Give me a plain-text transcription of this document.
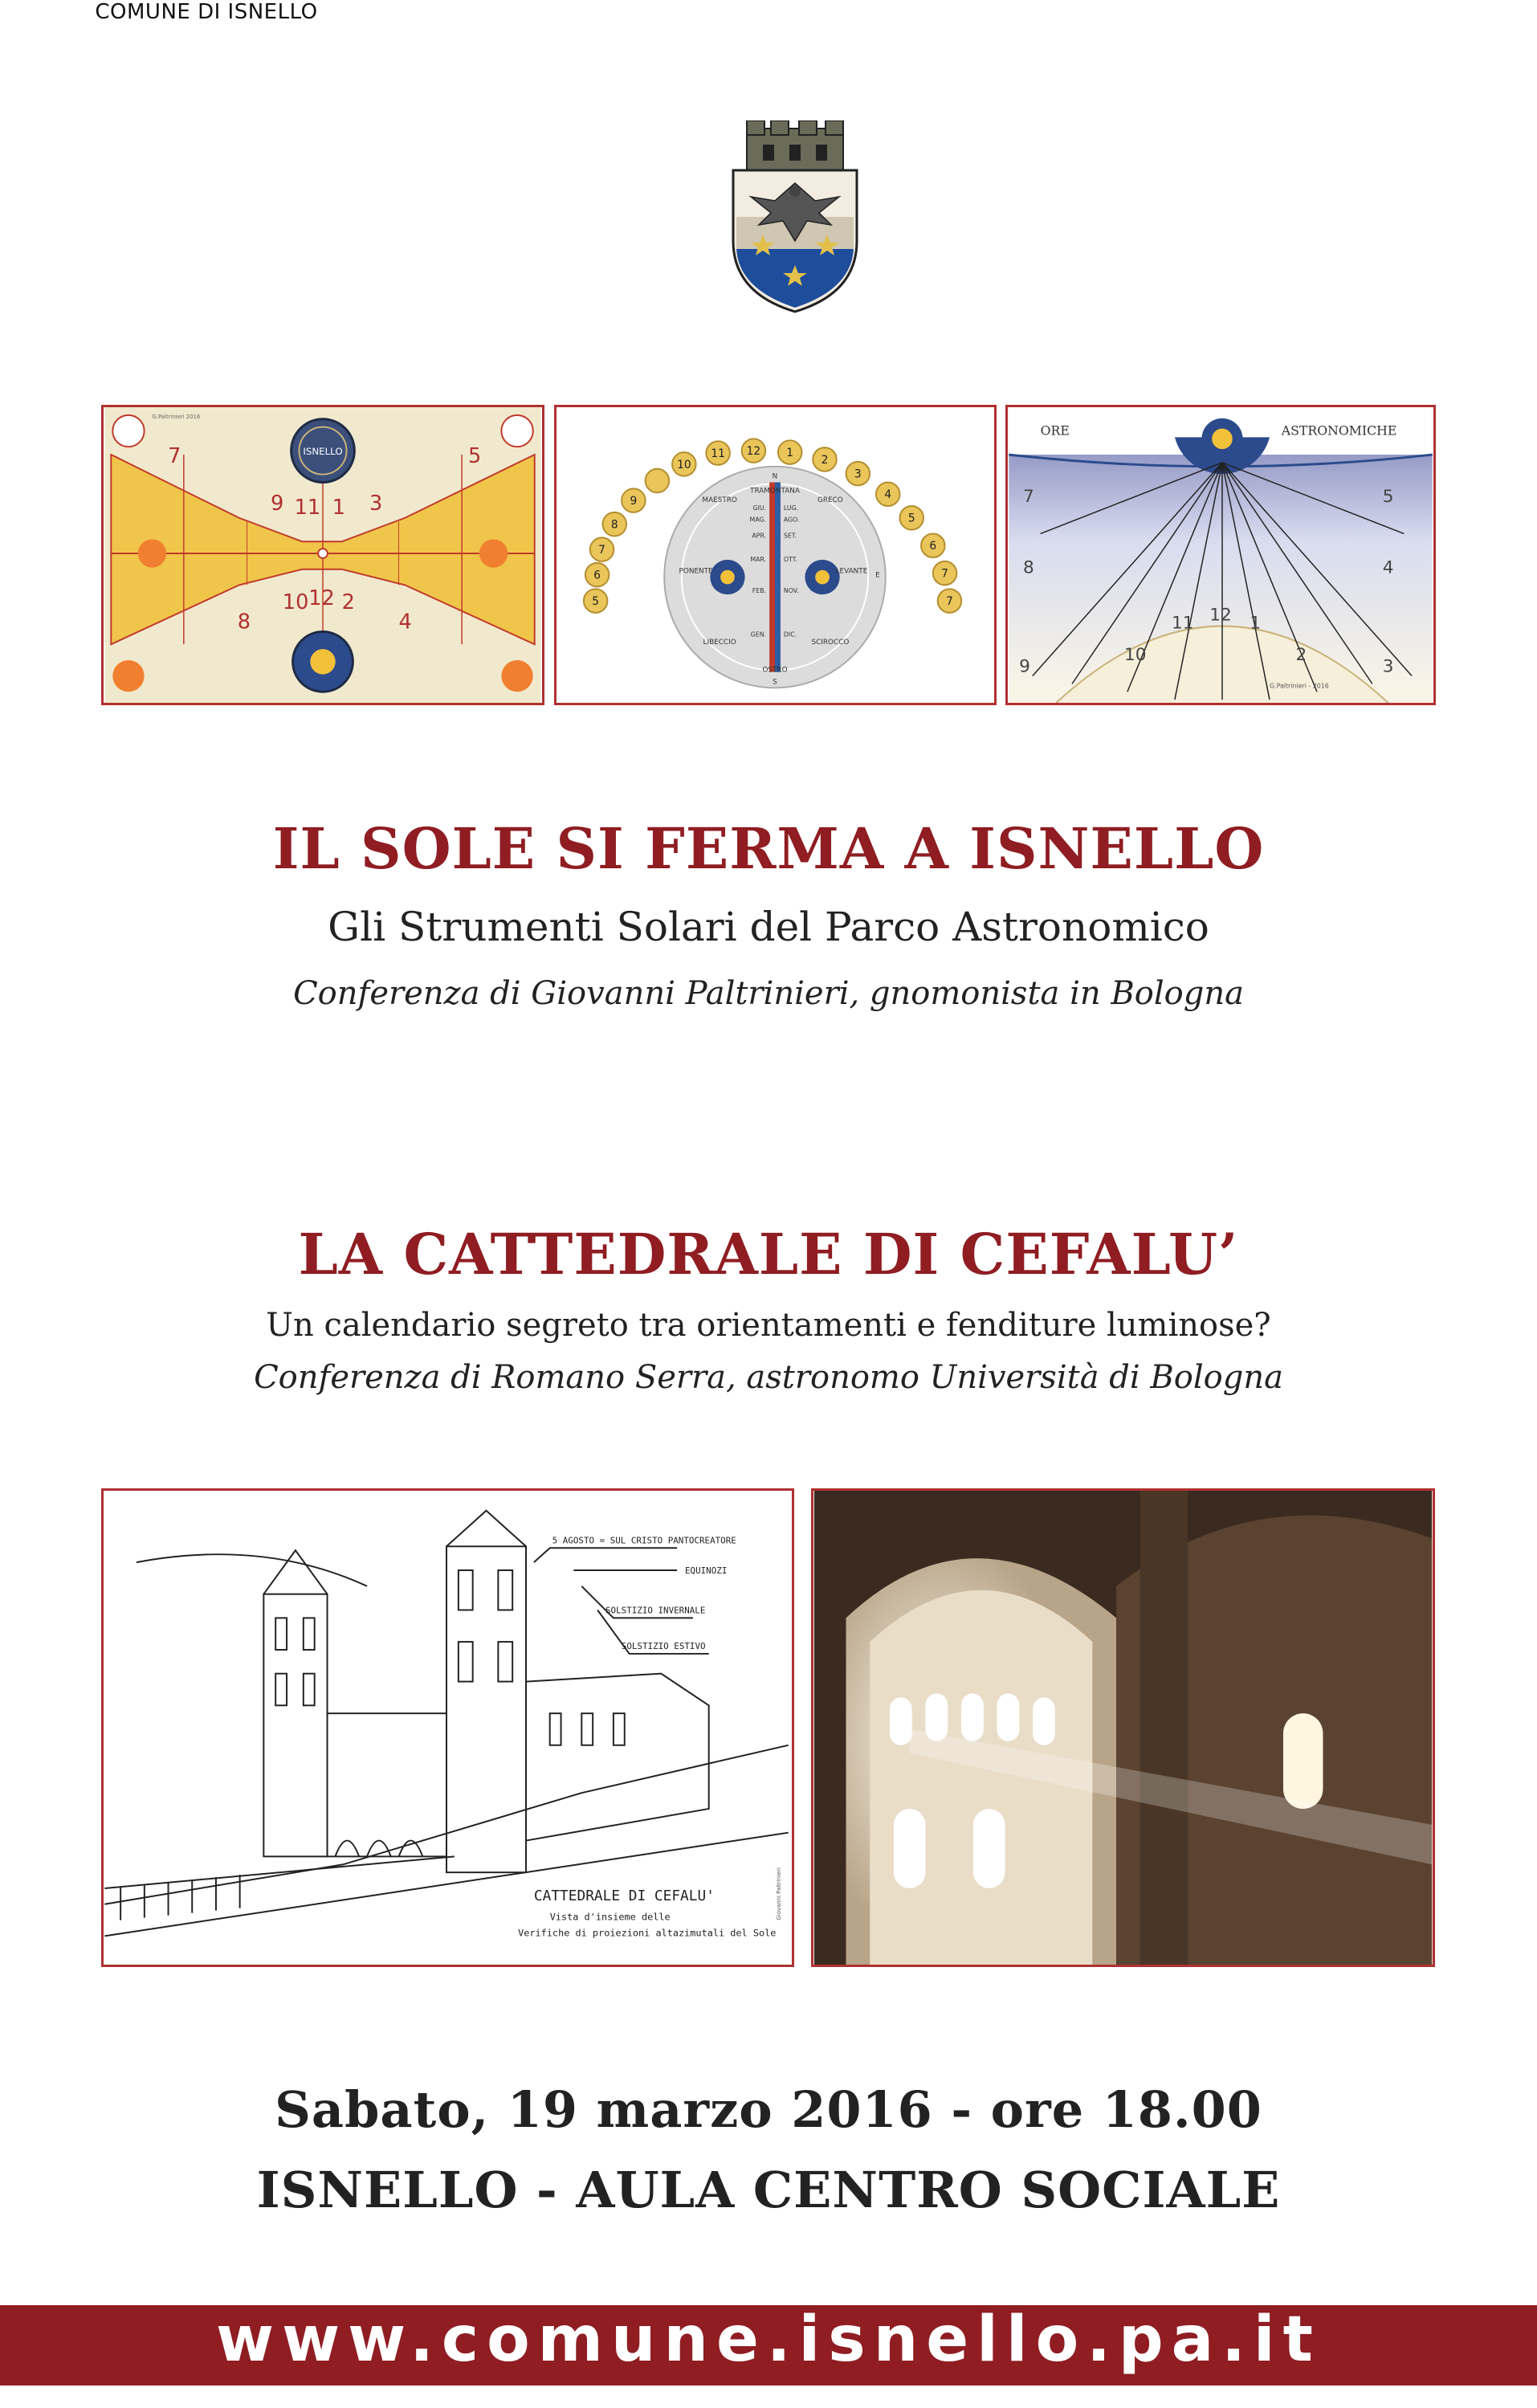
COMUNE DI ISNELLO
ISNELLO
7	5
9 11 1 3
8
10 12 2
4
G.Paltrinieri 2016
5
6
7
8
9
10
11 12 1
2
3
4
5
6
7
7
N
TRAMONTANA
GRECO
LEVANTE E
SCIROCCO
S
OSTRO
LIBECCIO
PONENTE
MAESTRO
GIU.
MAG.
APR.
MAR.
FEB.
GEN.
LUG.
AGO.
SET.
OTT.
NOV.
DIC.
ORE	ASTRONOMICHE
7
8
9
10
11 12 1
2
3
4
5
G.Paltrinieri - 2016
IL SOLE SI FERMA A ISNELLO
Gli Strumenti Solari del Parco Astronomico
Conferenza di Giovanni Paltrinieri, gnomonista in Bologna
LA CATTEDRALE DI CEFALU’
Un calendario segreto tra orientamenti e fenditure luminose?
Conferenza di Romano Serra, astronomo Università di Bologna
5 AGOSTO = SUL CRISTO PANTOCREATORE
EQUINOZI
SOLSTIZIO INVERNALE
SOLSTIZIO ESTIVO
CATTEDRALE DI CEFALU'
Vista d'insieme delle
Verifiche di proiezioni altazimutali del Sole
Giovanni Paltrinieri
Sabato, 19 marzo 2016 - ore 18.00
ISNELLO - AULA CENTRO SOCIALE
www.comune.isnello.pa.it
